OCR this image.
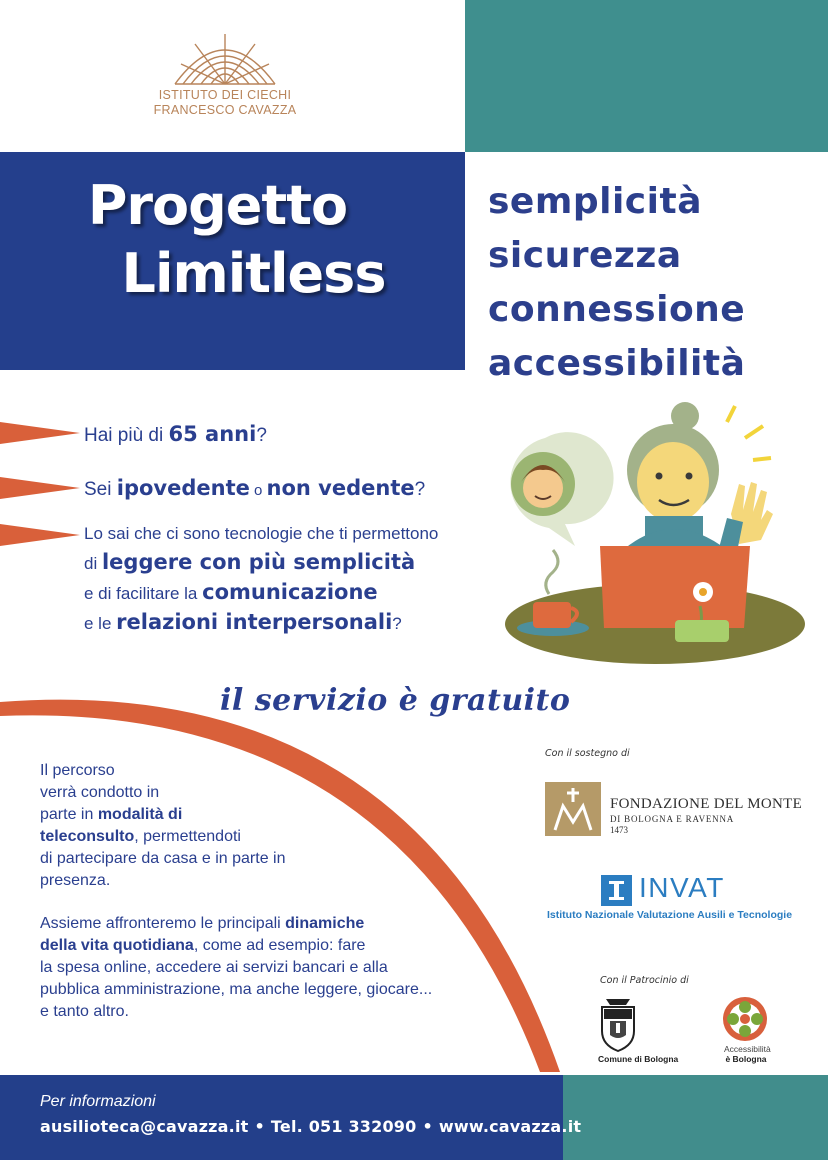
ISTITUTO DEI CIECHI
FRANCESCO CAVAZZA
Progetto
Limitless
semplicità
sicurezza
connessione
accessibilità
Hai più di 65 anni?
Sei ipovedente o non vedente?
Lo sai che ci sono tecnologie che ti permettono
di leggere con più semplicità
e di facilitare la comunicazione
e le relazioni interpersonali?
il servizio è gratuito
Il percorso
verrà condotto in
parte in modalità di
teleconsulto, permettendoti
di partecipare da casa e in parte in
presenza.
Assieme affronteremo le principali dinamiche
della vita quotidiana, come ad esempio: fare
la spesa online, accedere ai servizi bancari e alla
pubblica amministrazione, ma anche leggere, giocare...
e tanto altro.
Con il sostegno di
FONDAZIONE DEL MONTE
DI BOLOGNA E RAVENNA
1473
INVAT
Istituto Nazionale Valutazione Ausili e Tecnologie
Con il Patrocinio di
Comune di Bologna
Accessibilità
è Bologna
Per informazioni
ausilioteca@cavazza.it • Tel. 051 332090 • www.cavazza.it
